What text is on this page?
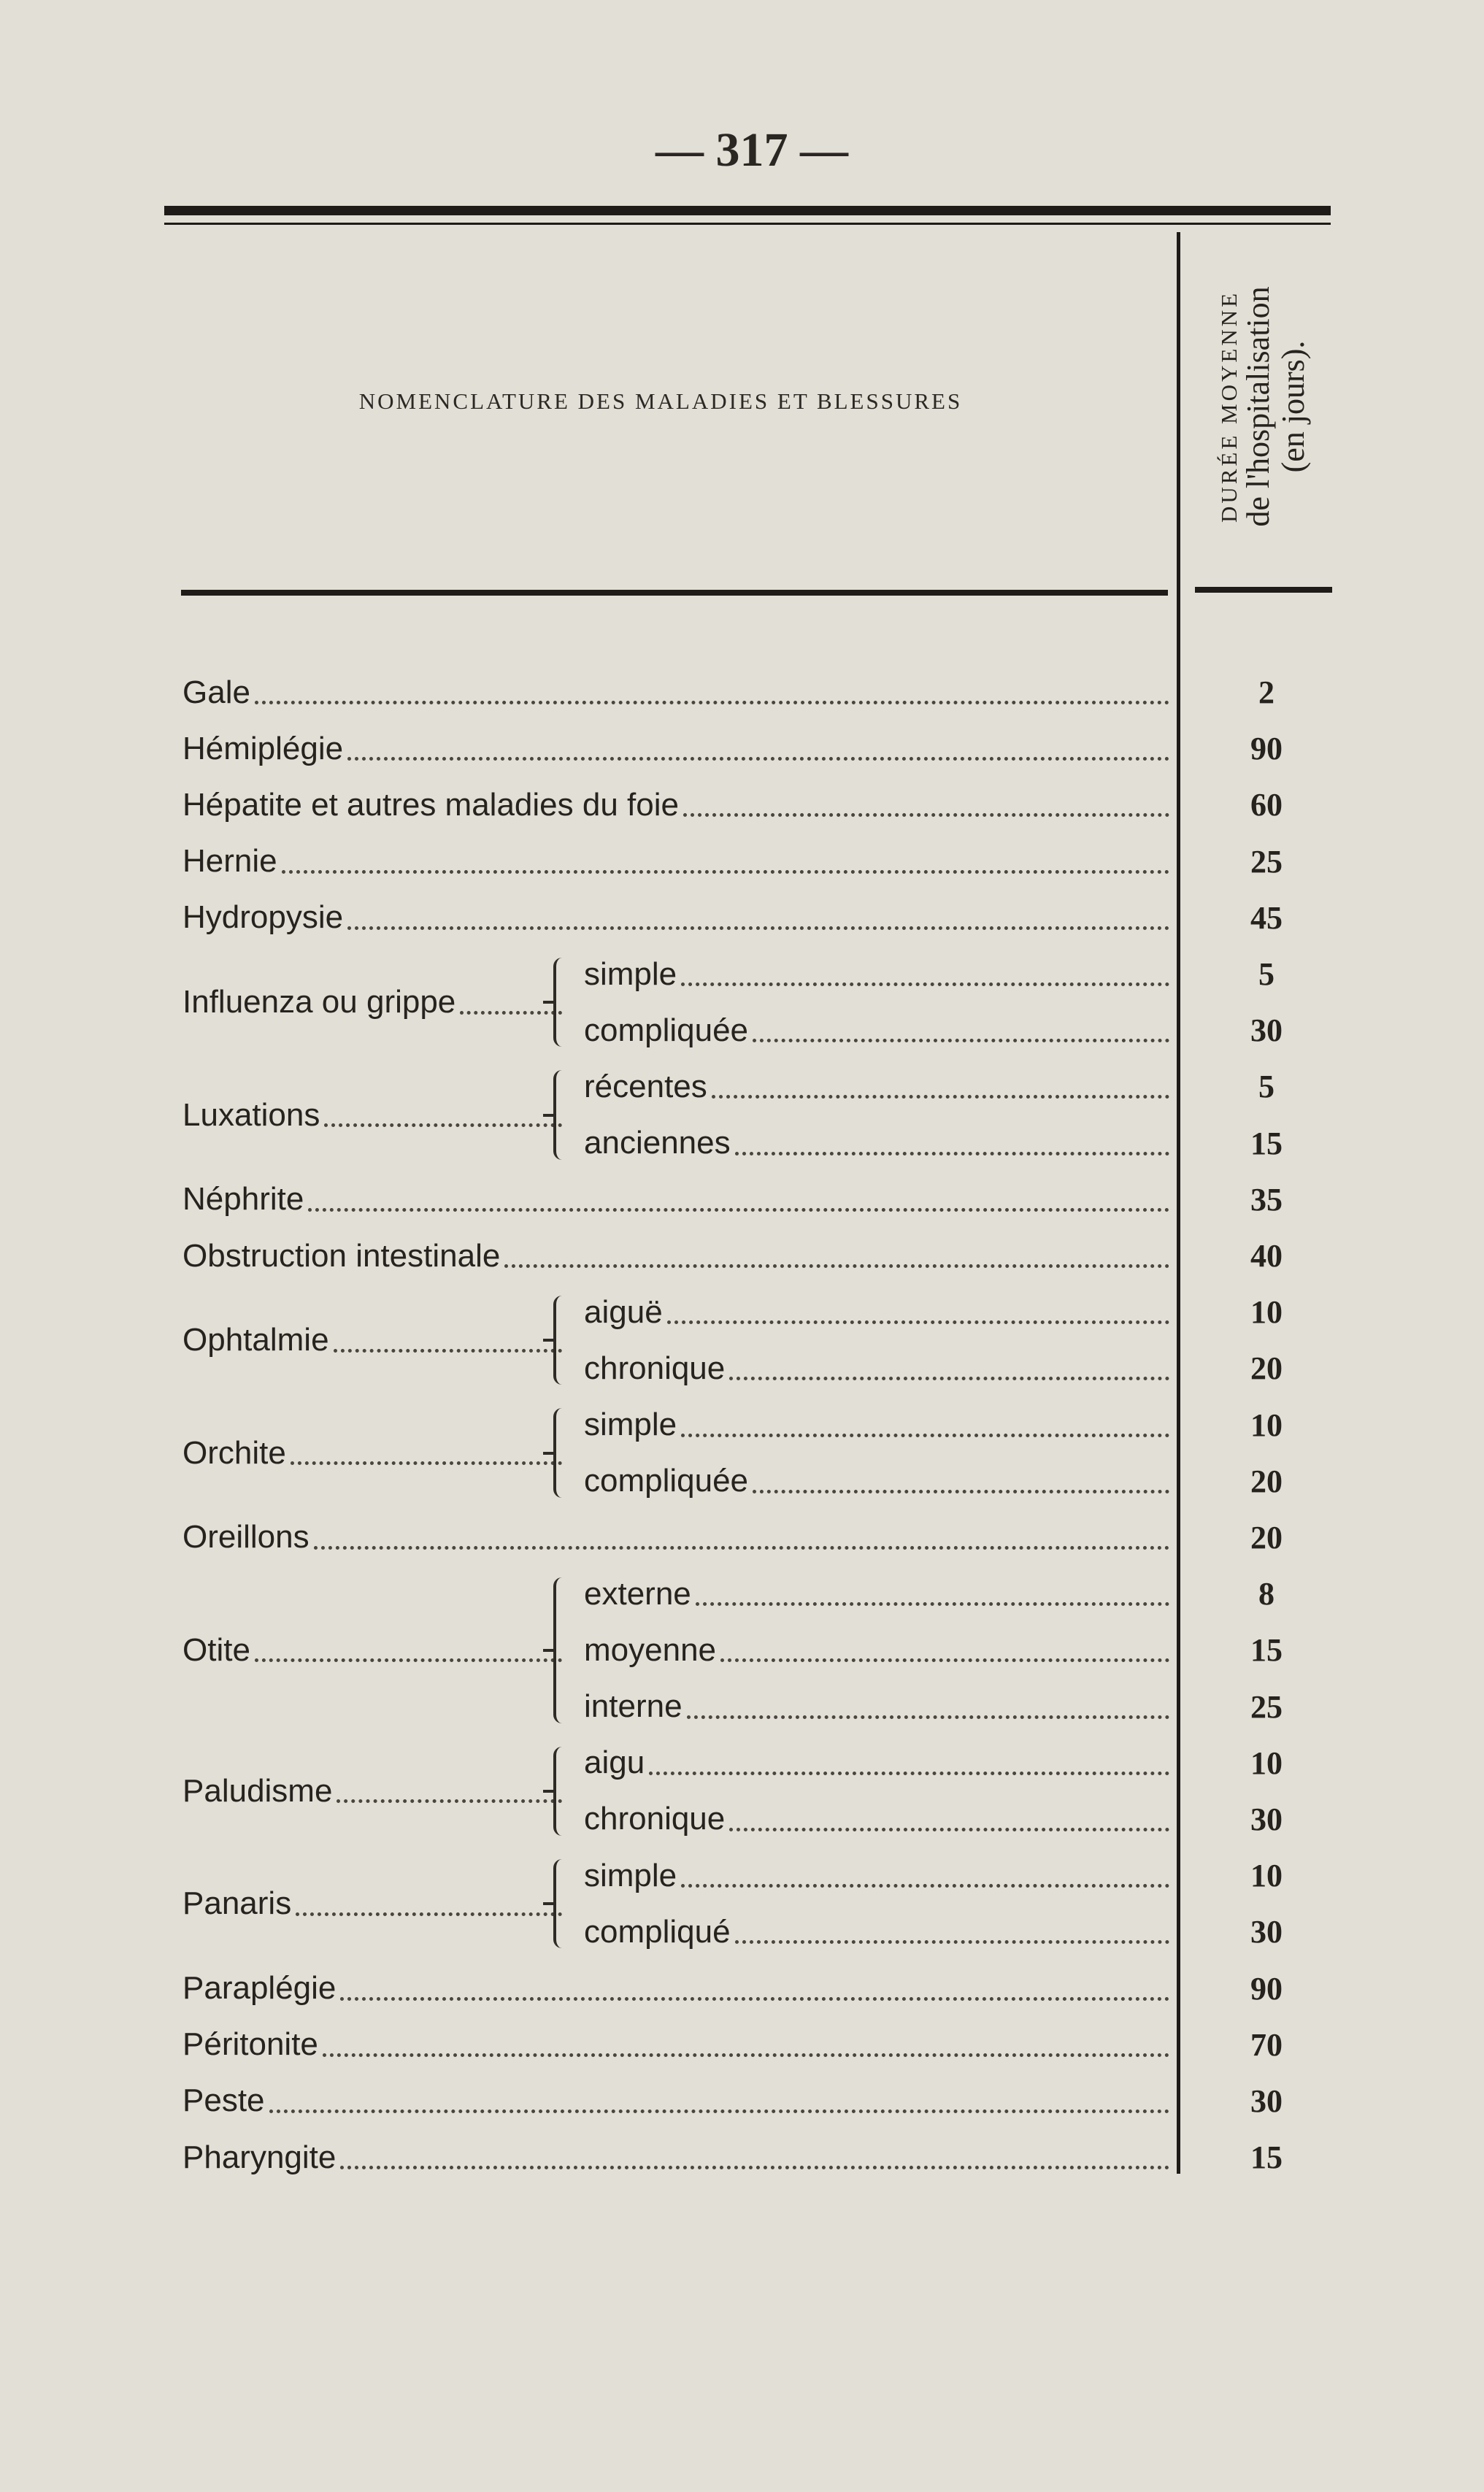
— 317 —
NOMENCLATURE DES MALADIES ET BLESSURES	DURÉE MOYENNE
de l'hospitalisation
(en jours).
Gale	2
Hémiplégie	90
Hépatite et autres maladies du foie	60
Hernie	25
Hydropysie	45
Influenza ou grippe
simple	5
compliquée	30
Luxations
récentes	5
anciennes	15
Néphrite	35
Obstruction intestinale	40
Ophtalmie
aiguë	10
chronique	20
Orchite
simple	10
compliquée	20
Oreillons	20
Otite
externe	8
moyenne	15
interne	25
Paludisme
aigu	10
chronique	30
Panaris
simple	10
compliqué	30
Paraplégie	90
Péritonite	70
Peste	30
Pharyngite	15
